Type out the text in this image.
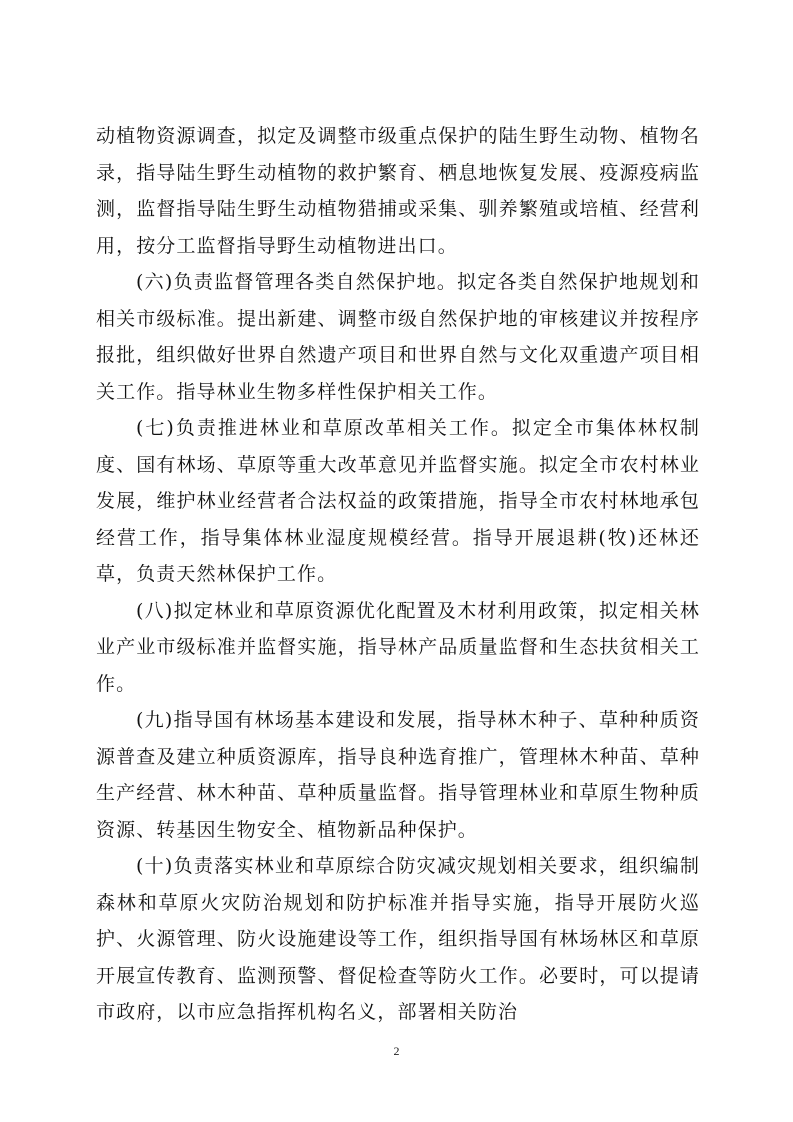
动植物资源调查，拟定及调整市级重点保护的陆生野生动物、植物名录，指导陆生野生动植物的救护繁育、栖息地恢复发展、疫源疫病监测，监督指导陆生野生动植物猎捕或采集、驯养繁殖或培植、经营利用，按分工监督指导野生动植物进出口。

(六)负责监督管理各类自然保护地。拟定各类自然保护地规划和相关市级标准。提出新建、调整市级自然保护地的审核建议并按程序报批，组织做好世界自然遗产项目和世界自然与文化双重遗产项目相关工作。指导林业生物多样性保护相关工作。

(七)负责推进林业和草原改革相关工作。拟定全市集体林权制度、国有林场、草原等重大改革意见并监督实施。拟定全市农村林业发展，维护林业经营者合法权益的政策措施，指导全市农村林地承包经营工作，指导集体林业湿度规模经营。指导开展退耕(牧)还林还草，负责天然林保护工作。

(八)拟定林业和草原资源优化配置及木材利用政策，拟定相关林业产业市级标准并监督实施，指导林产品质量监督和生态扶贫相关工作。

(九)指导国有林场基本建设和发展，指导林木种子、草种种质资源普查及建立种质资源库，指导良种选育推广，管理林木种苗、草种生产经营、林木种苗、草种质量监督。指导管理林业和草原生物种质资源、转基因生物安全、植物新品种保护。

(十)负责落实林业和草原综合防灾减灾规划相关要求，组织编制森林和草原火灾防治规划和防护标准并指导实施，指导开展防火巡护、火源管理、防火设施建设等工作，组织指导国有林场林区和草原开展宣传教育、监测预警、督促检查等防火工作。必要时，可以提请市政府，以市应急指挥机构名义，部署相关防治

2
